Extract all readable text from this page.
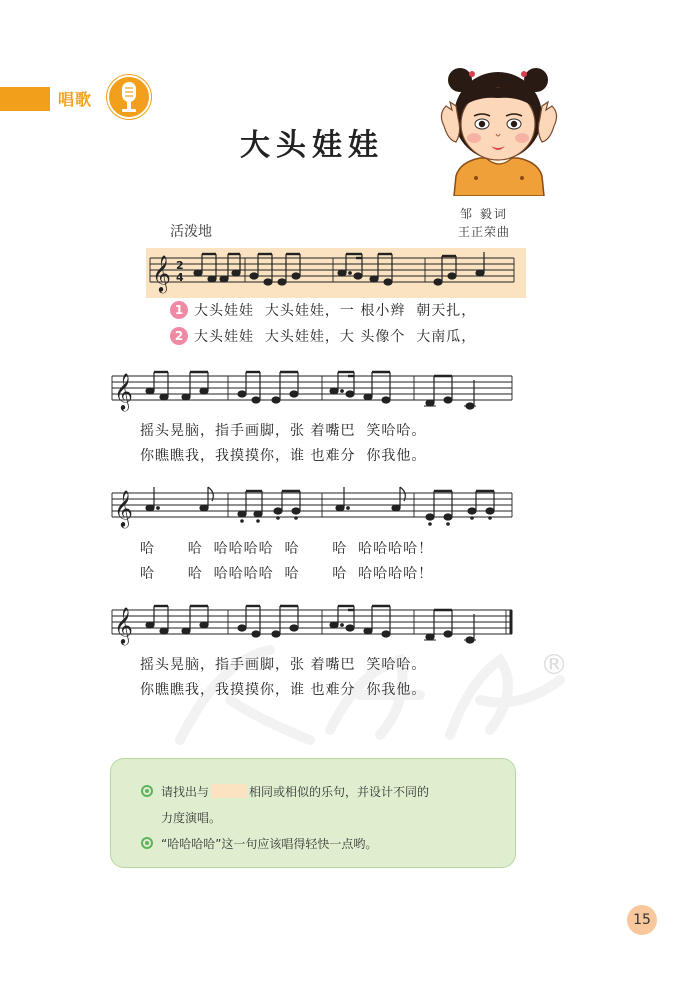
唱歌
大头娃娃
活泼地
邹 毅词
王正荣曲
𝄞 2
4
1 大头娃娃  大头娃娃，一 根小辫  朝天扎，
2 大头娃娃  大头娃娃，大 头像个  大南瓜，
𝄞
摇头晃脑，指手画脚，张 着嘴巴  笑哈哈。
你瞧瞧我，我摸摸你，谁 也难分  你我他。
𝄞
哈      哈  哈哈哈哈  哈      哈  哈哈哈哈！
哈      哈  哈哈哈哈  哈      哈  哈哈哈哈！
𝄞
摇头晃脑，指手画脚，张 着嘴巴  笑哈哈。
你瞧瞧我，我摸摸你，谁 也难分  你我他。
®
请找出与	相同或相似的乐句，并设计不同的
力度演唱。
“哈哈哈哈”这一句应该唱得轻快一点哟。
15
